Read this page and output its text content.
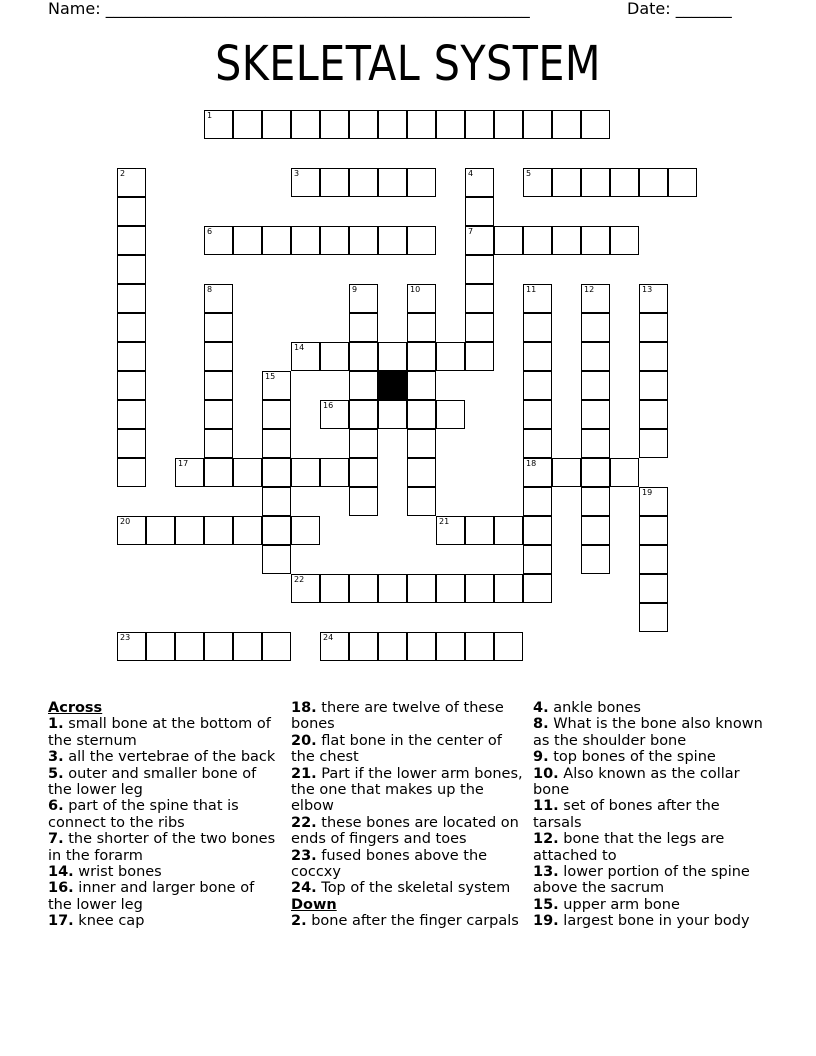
Name: _____________________________________________________	Date: _______
SKELETAL SYSTEM
1
2	3	4
7
5
6
8	9	10	11
18
12	13
14
15
16
17
19
20	21
22
23	24
Across
1. small bone at the bottom of the sternum
3. all the vertebrae of the back
5. outer and smaller bone of the lower leg
6. part of the spine that is connect to the ribs
7. the shorter of the two bones in the forarm
14. wrist bones
16. inner and larger bone of the lower leg
17. knee cap
18. there are twelve of these bones
20. flat bone in the center of the chest
21. Part if the lower arm bones, the one that makes up the elbow
22. these bones are located on ends of fingers and toes
23. fused bones above the coccxy
24. Top of the skeletal system
Down
2. bone after the finger carpals
4. ankle bones
8. What is the bone also known as the shoulder bone
9. top bones of the spine
10. Also known as the collar bone
11. set of bones after the tarsals
12. bone that the legs are attached to
13. lower portion of the spine above the sacrum
15. upper arm bone
19. largest bone in your body
